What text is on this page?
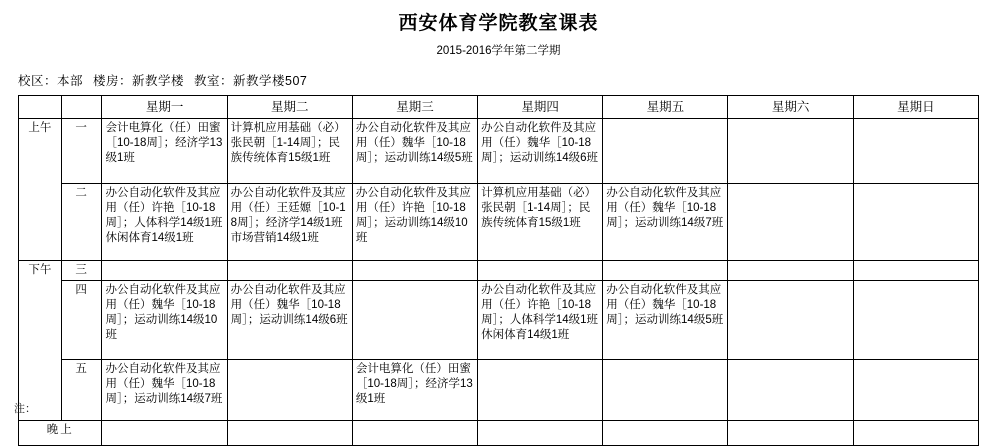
西安体育学院教室课表
2015-2016学年第二学期
校区：本部 楼房：新教学楼 教室：新教学楼507
		星期一	星期二	星期三	星期四	星期五	星期六	星期日
上午	一	会计电算化（任）田蜜［10-18周］；经济学13级1班	计算机应用基础（必）张民朝［1-14周］；民族传统体育15级1班	办公自动化软件及其应用（任）魏华［10-18周］；运动训练14级5班	办公自动化软件及其应用（任）魏华［10-18周］；运动训练14级6班			

	二	办公自动化软件及其应用（任）许艳［10-18周］；人体科学14级1班 休闲体育14级1班	办公自动化软件及其应用（任）王廷嫄［10-18周］；经济学14级1班 市场营销14级1班	办公自动化软件及其应用（任）许艳［10-18周］；运动训练14级10班	计算机应用基础（必）张民朝［1-14周］；民族传统体育15级1班	办公自动化软件及其应用（任）魏华［10-18周］；运动训练14级7班		

下午	三	

	四	办公自动化软件及其应用（任）魏华［10-18周］；运动训练14级10班	办公自动化软件及其应用（任）魏华［10-18周］；运动训练14级6班		办公自动化软件及其应用（任）许艳［10-18周］；人体科学14级1班 休闲体育14级1班	办公自动化软件及其应用（任）魏华［10-18周］；运动训练14级5班		

	五	办公自动化软件及其应用（任）魏华［10-18周］；运动训练14级7班		会计电算化（任）田蜜［10-18周］；经济学13级1班				

晚上		

注：
